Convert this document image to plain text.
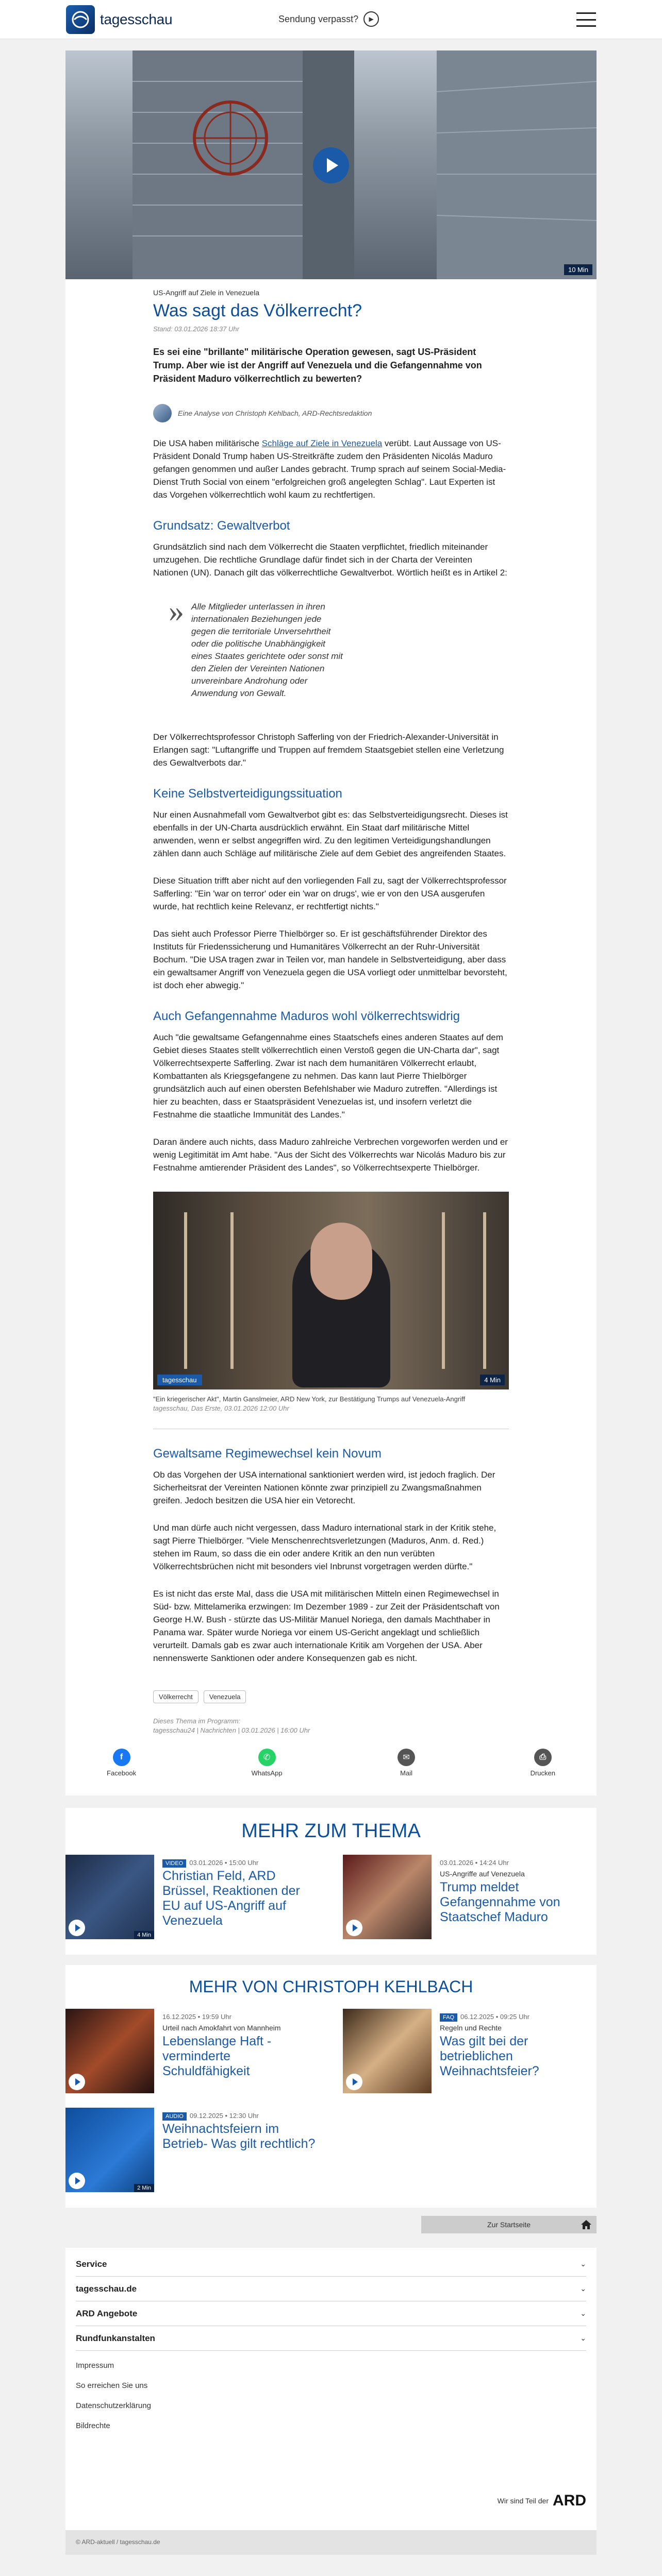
tagesschau	Sendung verpasst?	▶
10 Min
US-Angriff auf Ziele in Venezuela
Was sagt das Völkerrecht?
Stand: 03.01.2026 18:37 Uhr

Es sei eine "brillante" militärische Operation gewesen, sagt US-Präsident Trump. Aber wie ist der Angriff auf Venezuela und die Gefangennahme von Präsident Maduro völkerrechtlich zu bewerten?

Eine Analyse von Christoph Kehlbach, ARD-Rechtsredaktion

Die USA haben militärische Schläge auf Ziele in Venezuela verübt. Laut Aussage von US-Präsident Donald Trump haben US-Streitkräfte zudem den Präsidenten Nicolás Maduro gefangen genommen und außer Landes gebracht. Trump sprach auf seinem Social-Media-Dienst Truth Social von einem "erfolgreichen groß angelegten Schlag". Laut Experten ist das Vorgehen völkerrechtlich wohl kaum zu rechtfertigen.

Grundsatz: Gewaltverbot

Grundsätzlich sind nach dem Völkerrecht die Staaten verpflichtet, friedlich miteinander umzugehen. Die rechtliche Grundlage dafür findet sich in der Charta der Vereinten Nationen (UN). Danach gilt das völkerrechtliche Gewaltverbot. Wörtlich heißt es in Artikel 2:

» Alle Mitglieder unterlassen in ihren internationalen Beziehungen jede gegen die territoriale Unversehrtheit oder die politische Unabhängigkeit eines Staates gerichtete oder sonst mit den Zielen der Vereinten Nationen unvereinbare Androhung oder Anwendung von Gewalt.

Der Völkerrechtsprofessor Christoph Safferling von der Friedrich-Alexander-Universität in Erlangen sagt: "Luftangriffe und Truppen auf fremdem Staatsgebiet stellen eine Verletzung des Gewaltverbots dar."

Keine Selbstverteidigungssituation

Nur einen Ausnahmefall vom Gewaltverbot gibt es: das Selbstverteidigungsrecht. Dieses ist ebenfalls in der UN-Charta ausdrücklich erwähnt. Ein Staat darf militärische Mittel anwenden, wenn er selbst angegriffen wird. Zu den legitimen Verteidigungshandlungen zählen dann auch Schläge auf militärische Ziele auf dem Gebiet des angreifenden Staates.

Diese Situation trifft aber nicht auf den vorliegenden Fall zu, sagt der Völkerrechtsprofessor Safferling: "Ein 'war on terror' oder ein 'war on drugs', wie er von den USA ausgerufen wurde, hat rechtlich keine Relevanz, er rechtfertigt nichts."

Das sieht auch Professor Pierre Thielbörger so. Er ist geschäftsführender Direktor des Instituts für Friedenssicherung und Humanitäres Völkerrecht an der Ruhr-Universität Bochum. "Die USA tragen zwar in Teilen vor, man handele in Selbstverteidigung, aber dass ein gewaltsamer Angriff von Venezuela gegen die USA vorliegt oder unmittelbar bevorsteht, ist doch eher abwegig."

Auch Gefangennahme Maduros wohl völkerrechtswidrig

Auch "die gewaltsame Gefangennahme eines Staatschefs eines anderen Staates auf dem Gebiet dieses Staates stellt völkerrechtlich einen Verstoß gegen die UN-Charta dar", sagt Völkerrechtsexperte Safferling. Zwar ist nach dem humanitären Völkerrecht erlaubt, Kombattanten als Kriegsgefangene zu nehmen. Das kann laut Pierre Thielbörger grundsätzlich auch auf einen obersten Befehlshaber wie Maduro zutreffen. "Allerdings ist hier zu beachten, dass er Staatspräsident Venezuelas ist, und insofern verletzt die Festnahme die staatliche Immunität des Landes."

Daran ändere auch nichts, dass Maduro zahlreiche Verbrechen vorgeworfen werden und er wenig Legitimität im Amt habe. "Aus der Sicht des Völkerrechts war Nicolás Maduro bis zur Festnahme amtierender Präsident des Landes", so Völkerrechtsexperte Thielbörger.

tagesschau	4 Min

"Ein kriegerischer Akt", Martin Ganslmeier, ARD New York, zur Bestätigung Trumps auf Venezuela-Angriff

tagesschau, Das Erste, 03.01.2026 12:00 Uhr

Gewaltsame Regimewechsel kein Novum

Ob das Vorgehen der USA international sanktioniert werden wird, ist jedoch fraglich. Der Sicherheitsrat der Vereinten Nationen könnte zwar prinzipiell zu Zwangsmaßnahmen greifen. Jedoch besitzen die USA hier ein Vetorecht.

Und man dürfe auch nicht vergessen, dass Maduro international stark in der Kritik stehe, sagt Pierre Thielbörger. "Viele Menschenrechtsverletzungen (Maduros, Anm. d. Red.) stehen im Raum, so dass die ein oder andere Kritik an den nun verübten Völkerrechtsbrüchen nicht mit besonders viel Inbrunst vorgetragen werden dürfte."

Es ist nicht das erste Mal, dass die USA mit militärischen Mitteln einen Regimewechsel in Süd- bzw. Mittelamerika erzwingen: Im Dezember 1989 - zur Zeit der Präsidentschaft von George H.W. Bush - stürzte das US-Militär Manuel Noriega, den damals Machthaber in Panama war. Später wurde Noriega vor einem US-Gericht angeklagt und schließlich verurteilt. Damals gab es zwar auch internationale Kritik am Vorgehen der USA. Aber nennenswerte Sanktionen oder andere Konsequenzen gab es nicht.

Völkerrecht	Venezuela
Dieses Thema im Programm:
tagesschau24 | Nachrichten | 03.01.2026 | 16:00 Uhr
f
Facebook
✆
WhatsApp
✉
Mail
⎙
Drucken
MEHR ZUM THEMA
4 Min
VIDEO 03.01.2026 • 15:00 Uhr
Christian Feld, ARD Brüssel, Reaktionen der EU auf US-Angriff auf Venezuela
03.01.2026 • 14:24 Uhr
US-Angriffe auf Venezuela
Trump meldet Gefangennahme von Staatschef Maduro
MEHR VON CHRISTOPH KEHLBACH
16.12.2025 • 19:59 Uhr
Urteil nach Amokfahrt von Mannheim
Lebenslange Haft - verminderte Schuldfähigkeit
FAQ 06.12.2025 • 09:25 Uhr
Regeln und Rechte
Was gilt bei der betrieblichen Weihnachtsfeier?
2 Min
AUDIO 09.12.2025 • 12:30 Uhr
Weihnachtsfeiern im Betrieb- Was gilt rechtlich?
Zur Startseite
Service	⌄
tagesschau.de	⌄
ARD Angebote	⌄
Rundfunkanstalten	⌄
Impressum
So erreichen Sie uns
Datenschutzerklärung
Bildrechte
Wir sind Teil der ARD
© ARD-aktuell / tagesschau.de
